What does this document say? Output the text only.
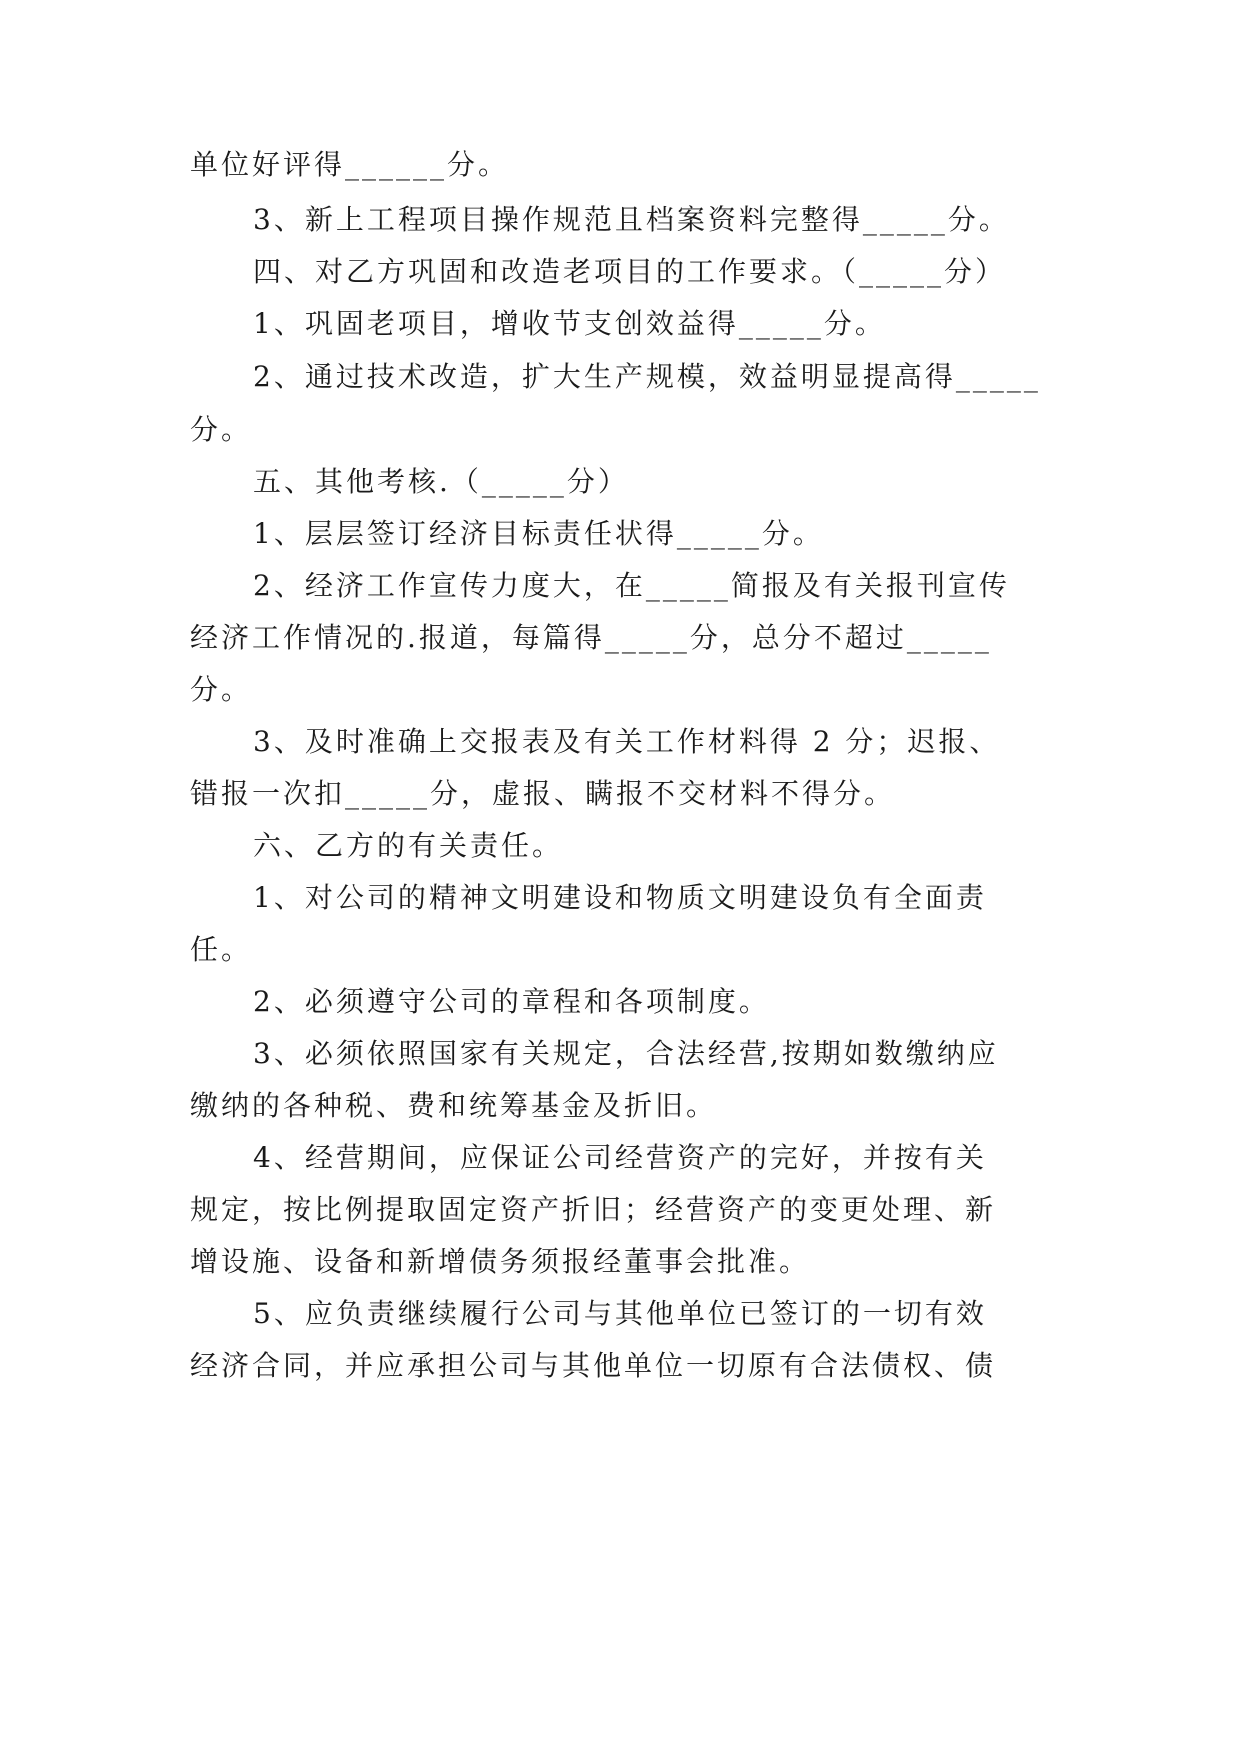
单位好评得______分。
3、新上工程项目操作规范且档案资料完整得_____分。
四、对乙方巩固和改造老项目的工作要求。（_____分）
1、巩固老项目，增收节支创效益得_____分。
2、通过技术改造，扩大生产规模，效益明显提高得_____
分。
五、其他考核.（_____分）
1、层层签订经济目标责任状得_____分。
2、经济工作宣传力度大，在_____简报及有关报刊宣传
经济工作情况的.报道，每篇得_____分，总分不超过_____
分。
3、及时准确上交报表及有关工作材料得 2 分；迟报、
错报一次扣_____分，虚报、瞒报不交材料不得分。
六、乙方的有关责任。
1、对公司的精神文明建设和物质文明建设负有全面责
任。
2、必须遵守公司的章程和各项制度。
3、必须依照国家有关规定，合法经营,按期如数缴纳应
缴纳的各种税、费和统筹基金及折旧。
4、经营期间，应保证公司经营资产的完好，并按有关
规定，按比例提取固定资产折旧；经营资产的变更处理、新
增设施、设备和新增债务须报经董事会批准。
5、应负责继续履行公司与其他单位已签订的一切有效
经济合同，并应承担公司与其他单位一切原有合法债权、债
